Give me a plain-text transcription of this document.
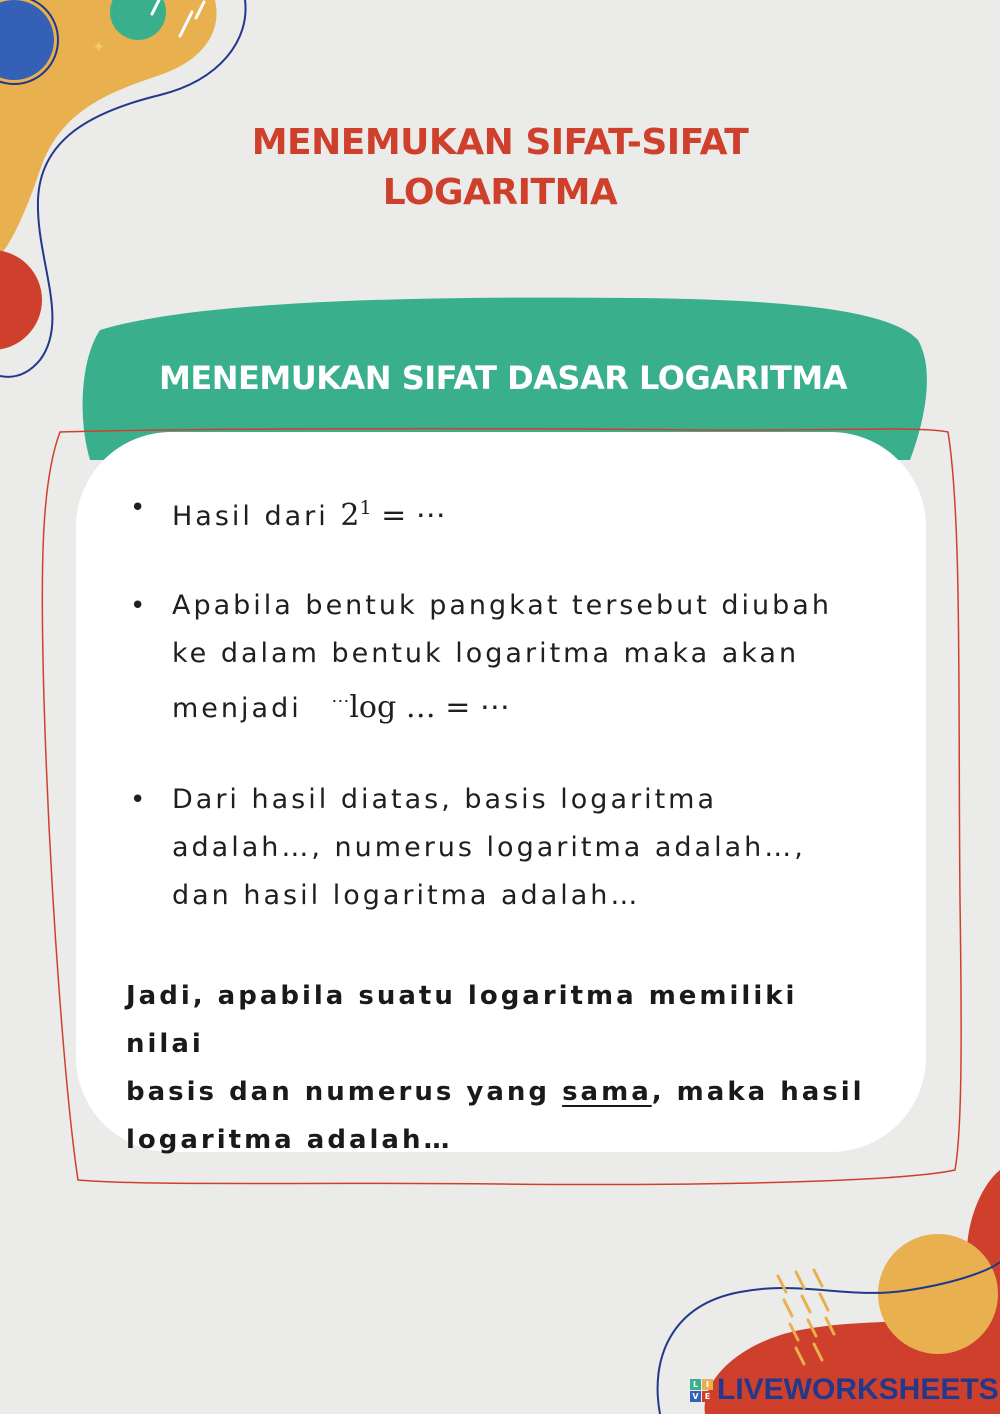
✦
MENEMUKAN SIFAT-SIFAT
LOGARITMA
MENEMUKAN SIFAT DASAR LOGARITMA
• Hasil dari $2^1$ = ⋯
• Apabila bentuk pangkat tersebut diubah
ke dalam bentuk logaritma maka akan
menjadi ⋯log … = ⋯
• Dari hasil diatas, basis logaritma
adalah…, numerus logaritma adalah…,
dan hasil logaritma adalah…
Jadi, apabila suatu logaritma memiliki nilai
basis dan numerus yang sama, maka hasil
logaritma adalah…
L I
V E LIVEWORKSHEETS
